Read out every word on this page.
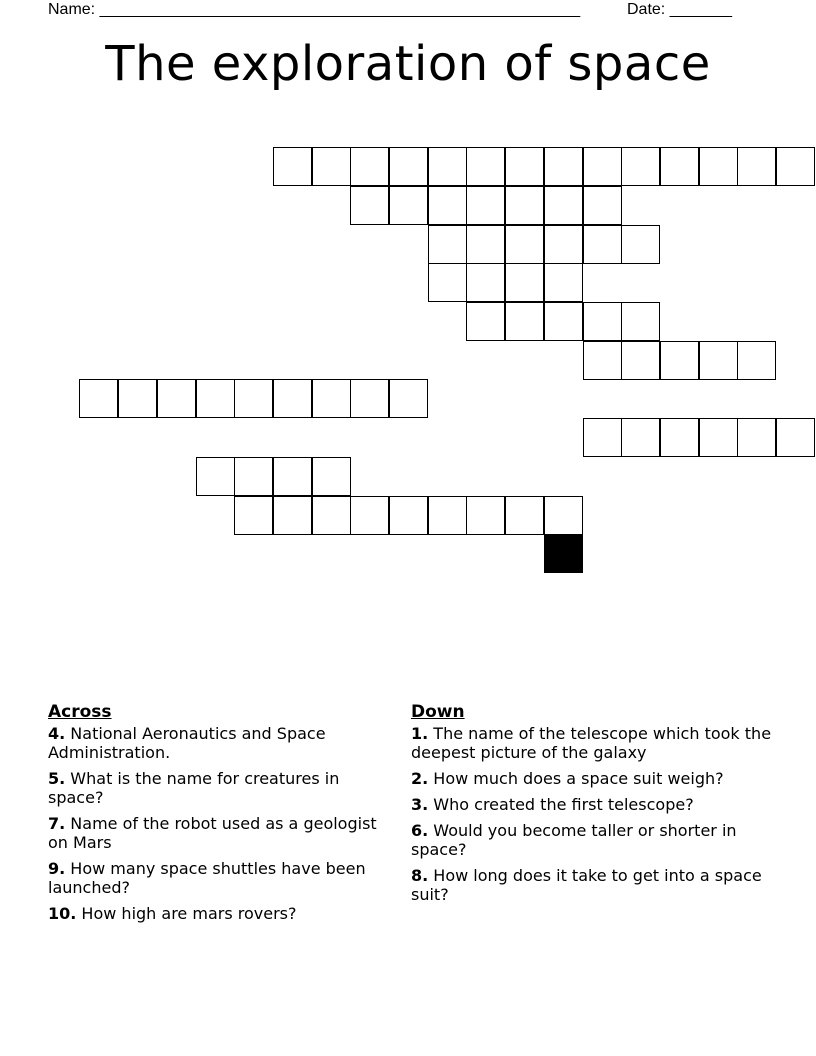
Name: ______________________________________________________	Date: _______
The exploration of space
Across
4. National Aeronautics and Space Administration.
5. What is the name for creatures in space?
7. Name of the robot used as a geologist on Mars
9. How many space shuttles have been launched?
10. How high are mars rovers?
Down
1. The name of the telescope which took the deepest picture of the galaxy
2. How much does a space suit weigh?
3. Who created the first telescope?
6. Would you become taller or shorter in space?
8. How long does it take to get into a space suit?
